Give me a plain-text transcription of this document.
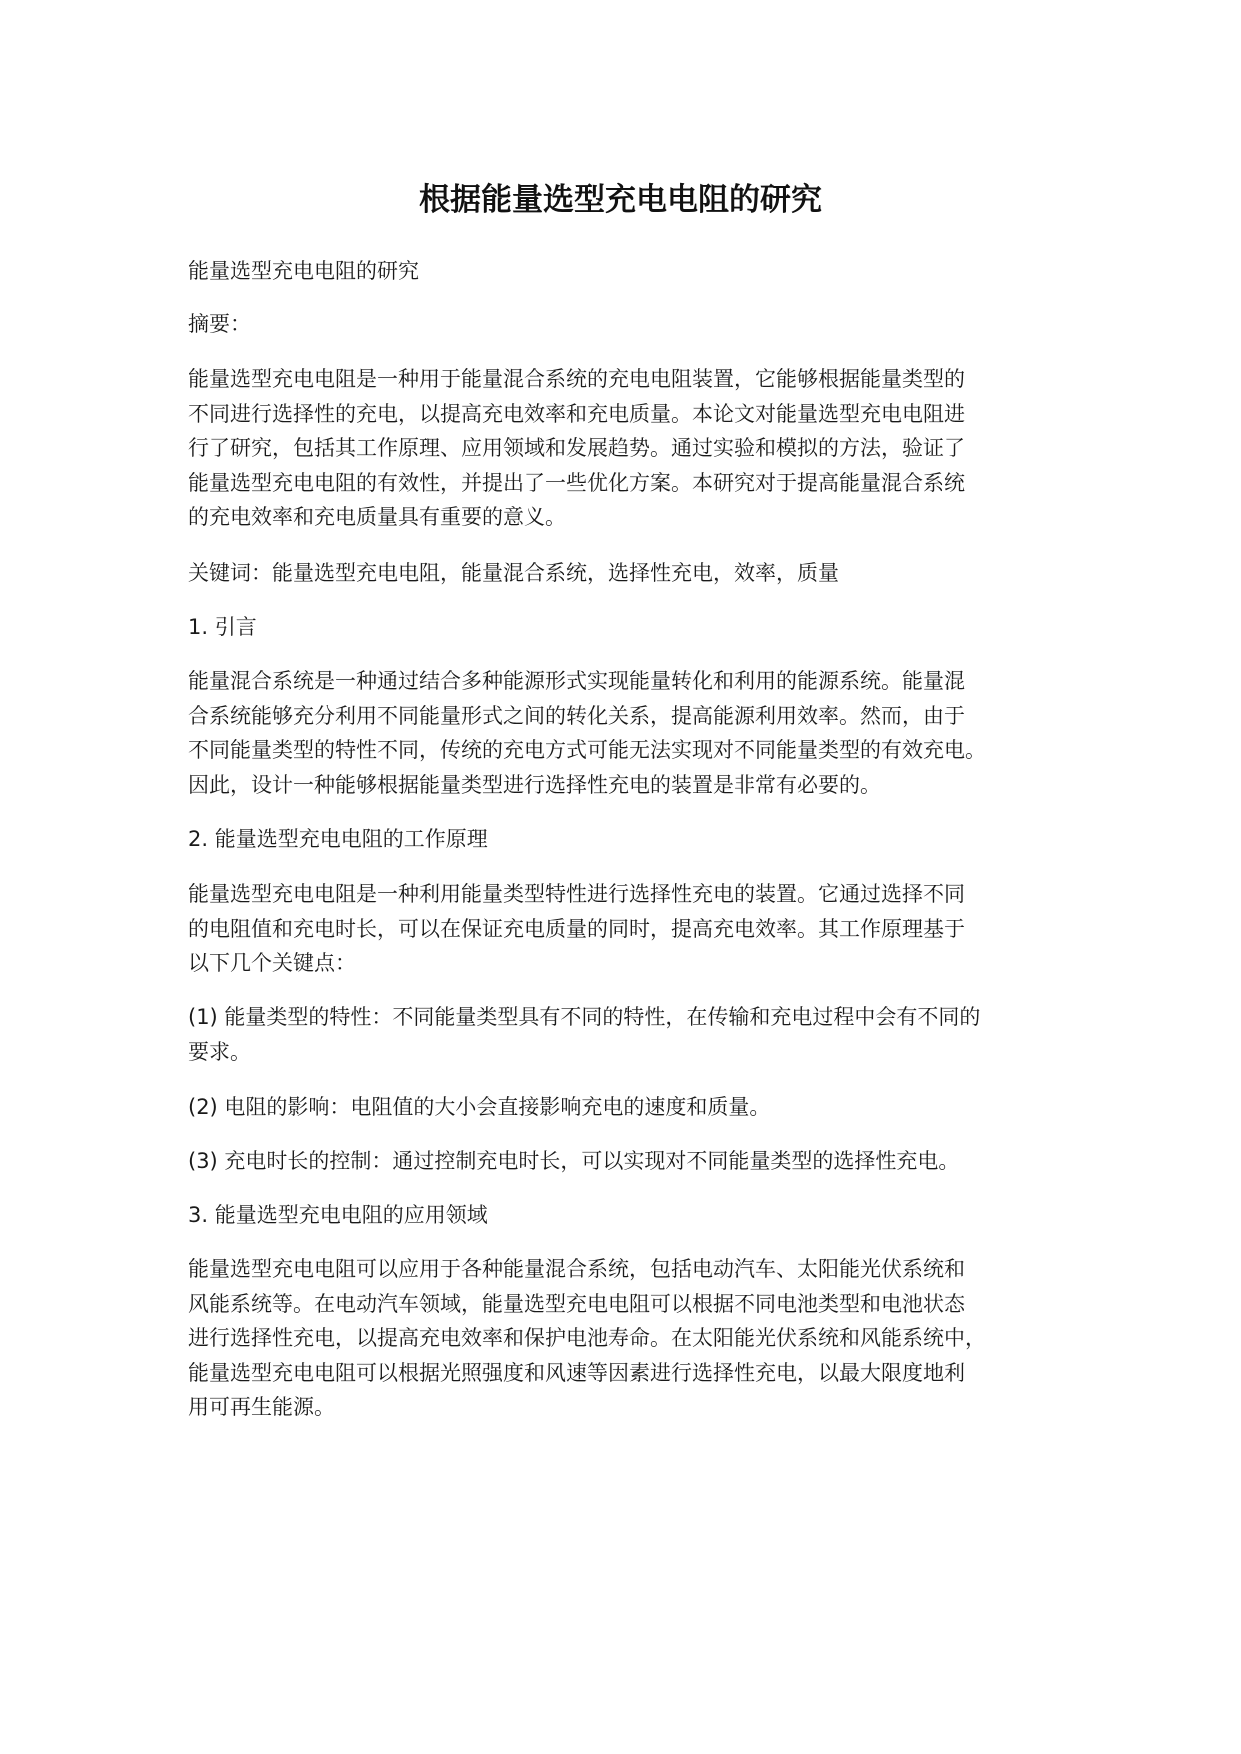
根据能量选型充电电阻的研究

能量选型充电电阻的研究

摘要：

能量选型充电电阻是一种用于能量混合系统的充电电阻装置，它能够根据能量类型的
不同进行选择性的充电，以提高充电效率和充电质量。本论文对能量选型充电电阻进
行了研究，包括其工作原理、应用领域和发展趋势。通过实验和模拟的方法，验证了
能量选型充电电阻的有效性，并提出了一些优化方案。本研究对于提高能量混合系统
的充电效率和充电质量具有重要的意义。

关键词：能量选型充电电阻，能量混合系统，选择性充电，效率，质量

1. 引言

能量混合系统是一种通过结合多种能源形式实现能量转化和利用的能源系统。能量混
合系统能够充分利用不同能量形式之间的转化关系，提高能源利用效率。然而，由于
不同能量类型的特性不同，传统的充电方式可能无法实现对不同能量类型的有效充电。
因此，设计一种能够根据能量类型进行选择性充电的装置是非常有必要的。

2. 能量选型充电电阻的工作原理

能量选型充电电阻是一种利用能量类型特性进行选择性充电的装置。它通过选择不同
的电阻值和充电时长，可以在保证充电质量的同时，提高充电效率。其工作原理基于
以下几个关键点：
(1) 能量类型的特性：不同能量类型具有不同的特性，在传输和充电过程中会有不同的
要求。

(2) 电阻的影响：电阻值的大小会直接影响充电的速度和质量。

(3) 充电时长的控制：通过控制充电时长，可以实现对不同能量类型的选择性充电。

3. 能量选型充电电阻的应用领域

能量选型充电电阻可以应用于各种能量混合系统，包括电动汽车、太阳能光伏系统和
风能系统等。在电动汽车领域，能量选型充电电阻可以根据不同电池类型和电池状态
进行选择性充电，以提高充电效率和保护电池寿命。在太阳能光伏系统和风能系统中，
能量选型充电电阻可以根据光照强度和风速等因素进行选择性充电，以最大限度地利
用可再生能源。
